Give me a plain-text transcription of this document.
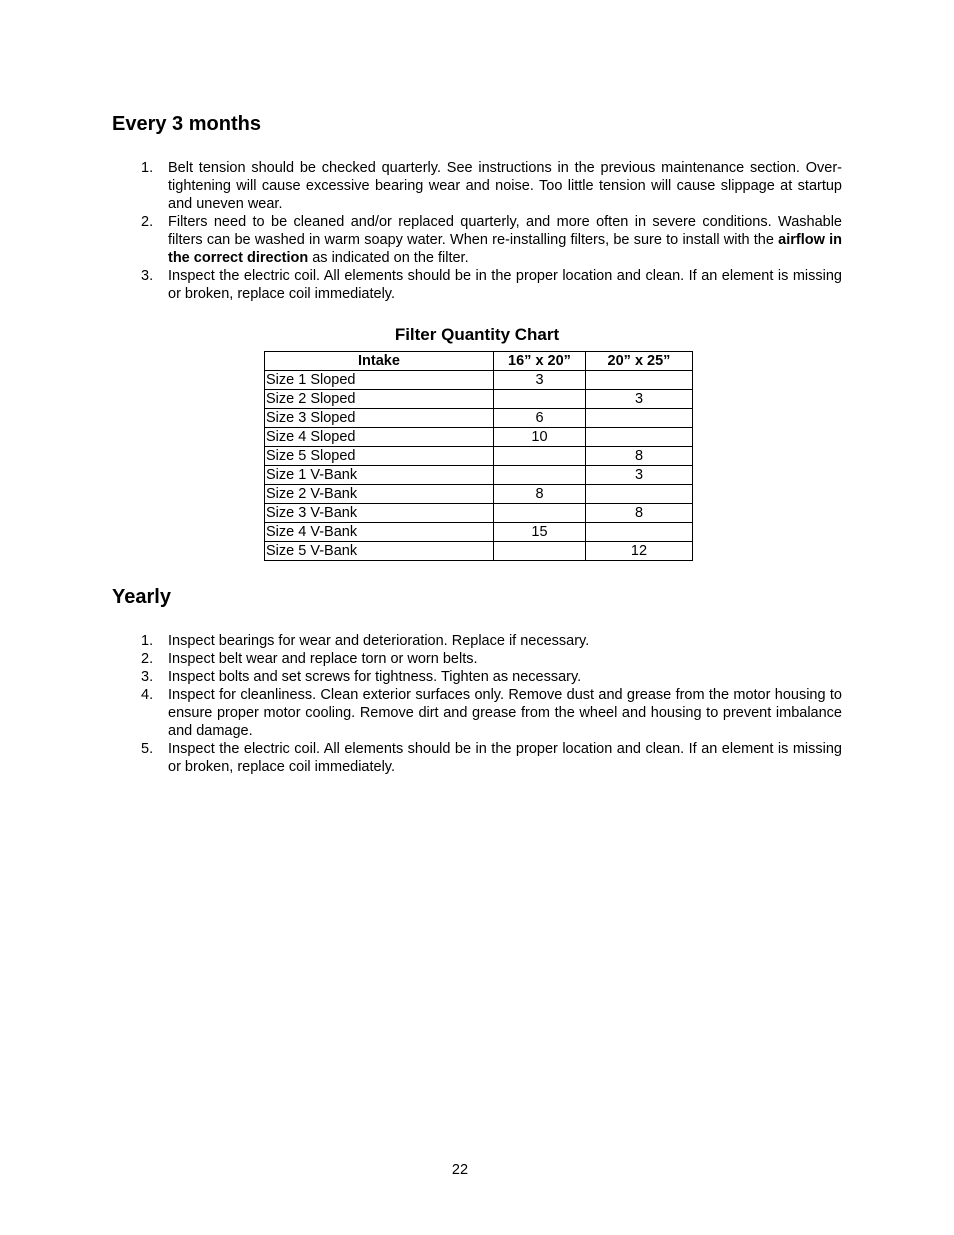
Every 3 months
1. Belt tension should be checked quarterly. See instructions in the previous maintenance section. Over-tightening will cause excessive bearing wear and noise. Too little tension will cause slippage at startup and uneven wear.
2. Filters need to be cleaned and/or replaced quarterly, and more often in severe conditions. Washable filters can be washed in warm soapy water. When re-installing filters, be sure to install with the airflow in the correct direction as indicated on the filter.
3. Inspect the electric coil. All elements should be in the proper location and clean. If an element is missing or broken, replace coil immediately.
Filter Quantity Chart
Intake	16” x 20”	20” x 25”
Size 1 Sloped	3	
Size 2 Sloped		3
Size 3 Sloped	6	
Size 4 Sloped	10	
Size 5 Sloped		8
Size 1 V-Bank		3
Size 2 V-Bank	8	
Size 3 V-Bank		8
Size 4 V-Bank	15	
Size 5 V-Bank		12
Yearly
1. Inspect bearings for wear and deterioration. Replace if necessary.
2. Inspect belt wear and replace torn or worn belts.
3. Inspect bolts and set screws for tightness. Tighten as necessary.
4. Inspect for cleanliness. Clean exterior surfaces only. Remove dust and grease from the motor housing to ensure proper motor cooling. Remove dirt and grease from the wheel and housing to prevent imbalance and damage.
5. Inspect the electric coil. All elements should be in the proper location and clean. If an element is missing or broken, replace coil immediately.
22
